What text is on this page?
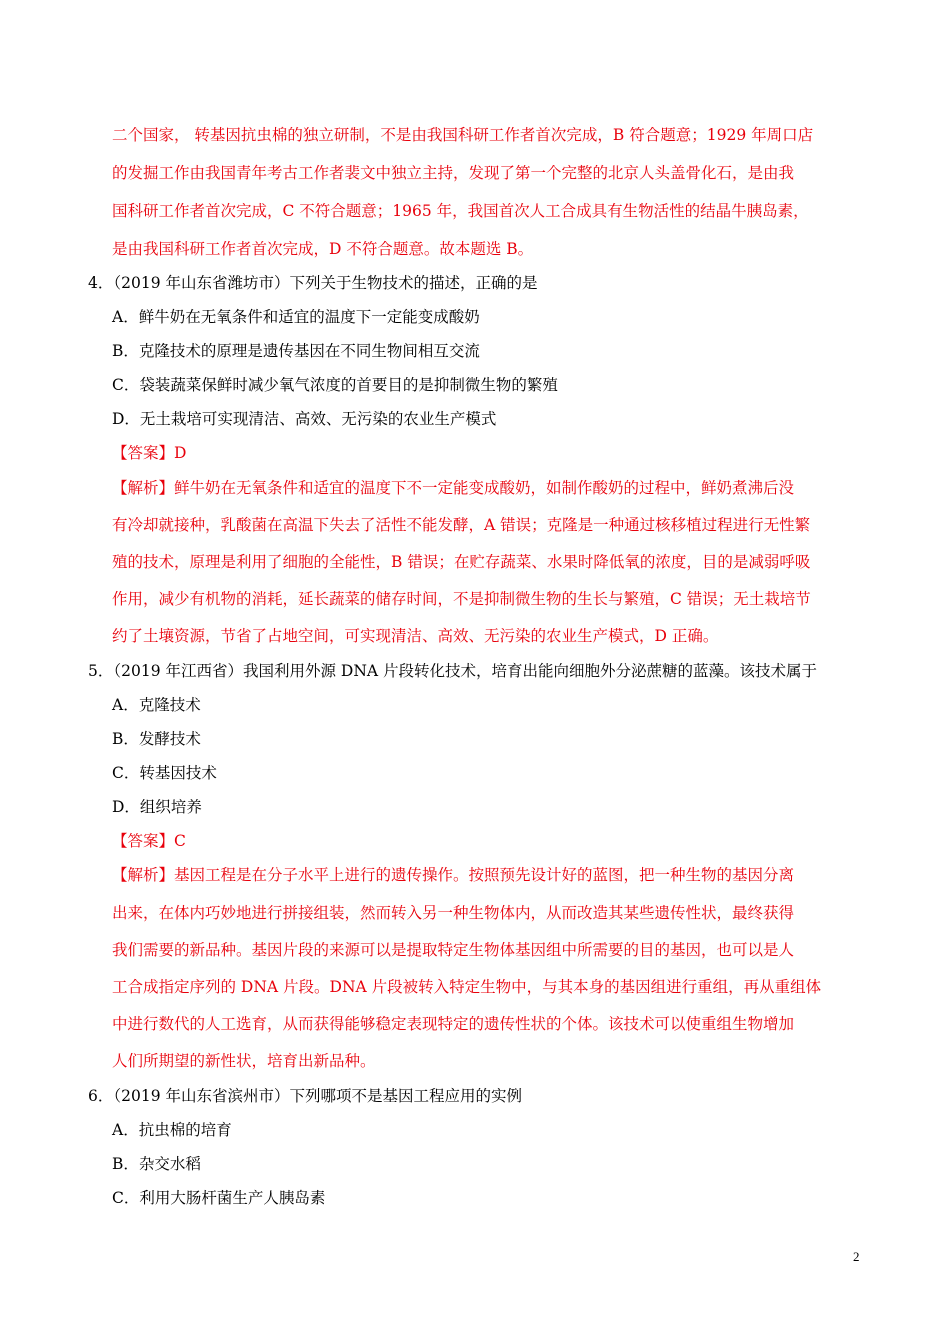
二个国家， 转基因抗虫棉的独立研制，不是由我国科研工作者首次完成，B 符合题意；1929 年周口店
的发掘工作由我国青年考古工作者裴文中独立主持，发现了第一个完整的北京人头盖骨化石，是由我
国科研工作者首次完成，C 不符合题意；1965 年，我国首次人工合成具有生物活性的结晶牛胰岛素，
是由我国科研工作者首次完成，D 不符合题意。故本题选 B。
4．（2019 年山东省潍坊市）下列关于生物技术的描述，正确的是
A．鲜牛奶在无氧条件和适宜的温度下一定能变成酸奶
B．克隆技术的原理是遗传基因在不同生物间相互交流
C．袋装蔬菜保鲜时减少氧气浓度的首要目的是抑制微生物的繁殖
D．无土栽培可实现清洁、高效、无污染的农业生产模式
【答案】D
【解析】鲜牛奶在无氧条件和适宜的温度下不一定能变成酸奶，如制作酸奶的过程中，鲜奶煮沸后没
有冷却就接种，乳酸菌在高温下失去了活性不能发酵，A 错误；克隆是一种通过核移植过程进行无性繁
殖的技术，原理是利用了细胞的全能性，B 错误；在贮存蔬菜、水果时降低氧的浓度，目的是减弱呼吸
作用，减少有机物的消耗，延长蔬菜的储存时间，不是抑制微生物的生长与繁殖，C 错误；无土栽培节
约了土壤资源，节省了占地空间，可实现清洁、高效、无污染的农业生产模式，D 正确。
5．（2019 年江西省）我国利用外源 DNA 片段转化技术，培育出能向细胞外分泌蔗糖的蓝藻。该技术属于
A．克隆技术
B．发酵技术
C．转基因技术
D．组织培养
【答案】C
【解析】基因工程是在分子水平上进行的遗传操作。按照预先设计好的蓝图，把一种生物的基因分离
出来，在体内巧妙地进行拼接组装，然而转入另一种生物体内，从而改造其某些遗传性状，最终获得
我们需要的新品种。基因片段的来源可以是提取特定生物体基因组中所需要的目的基因，也可以是人
工合成指定序列的 DNA 片段。DNA 片段被转入特定生物中，与其本身的基因组进行重组，再从重组体
中进行数代的人工选育，从而获得能够稳定表现特定的遗传性状的个体。该技术可以使重组生物增加
人们所期望的新性状，培育出新品种。
6．（2019 年山东省滨州市）下列哪项不是基因工程应用的实例
A．抗虫棉的培育
B．杂交水稻
C．利用大肠杆菌生产人胰岛素
2
